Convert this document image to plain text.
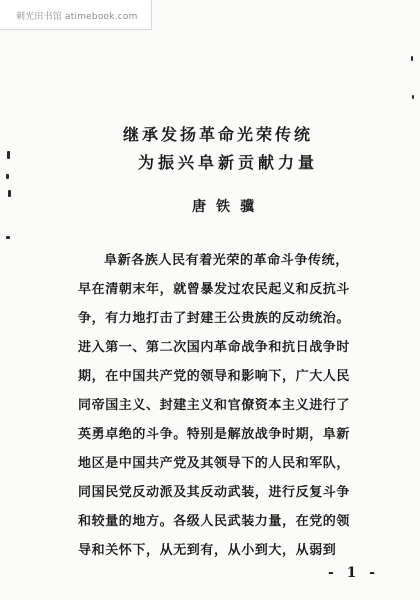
刺光田书馆 atimebook.com
继承发扬革命光荣传统
为振兴阜新贡献力量
唐铁骥
阜新各族人民有着光荣的革命斗争传统，
早在清朝末年，就曾暴发过农民起义和反抗斗
争，有力地打击了封建王公贵族的反动统治。
进入第一、第二次国内革命战争和抗日战争时
期，在中国共产党的领导和影响下，广大人民
同帝国主义、封建主义和官僚资本主义进行了
英勇卓绝的斗争。特别是解放战争时期，阜新
地区是中国共产党及其领导下的人民和军队，
同国民党反动派及其反动武装，进行反复斗争
和较量的地方。各级人民武装力量，在党的领
导和关怀下，从无到有，从小到大，从弱到
- 1 -
